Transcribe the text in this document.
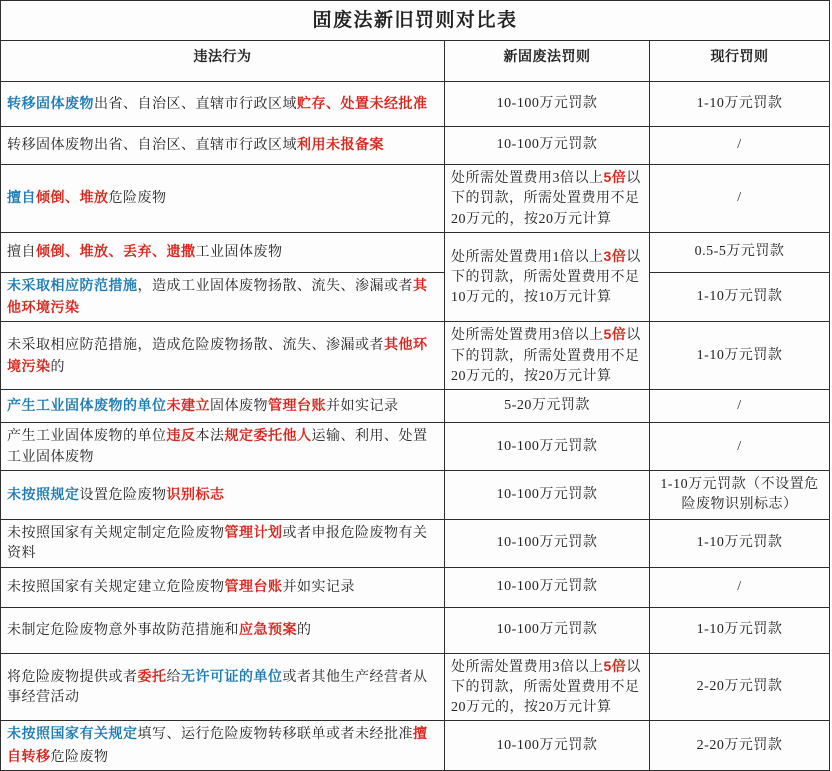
固废法新旧罚则对比表		
违法行为	新固废法罚则	现行罚则
转移固体废物出省、自治区、直辖市行政区域贮存、处置未经批准	10-100万元罚款	1-10万元罚款
转移固体废物出省、自治区、直辖市行政区域利用未报备案	10-100万元罚款	/
擅自倾倒、堆放危险废物	处所需处置费用3倍以上5倍以下的罚款，所需处置费用不足20万元的，按20万元计算	/
擅自倾倒、堆放、丢弃、遗撒工业固体废物	处所需处置费用1倍以上3倍以下的罚款，所需处置费用不足10万元的，按10万元计算	0.5-5万元罚款
未采取相应防范措施，造成工业固体废物扬散、流失、渗漏或者其他环境污染		1-10万元罚款
未采取相应防范措施，造成危险废物扬散、流失、渗漏或者其他环境污染的	处所需处置费用3倍以上5倍以下的罚款，所需处置费用不足20万元的，按20万元计算	1-10万元罚款
产生工业固体废物的单位未建立固体废物管理台账并如实记录	5-20万元罚款	/
产生工业固体废物的单位违反本法规定委托他人运输、利用、处置工业固体废物	10-100万元罚款	/
未按照规定设置危险废物识别标志	10-100万元罚款	1-10万元罚款（不设置危险废物识别标志）
未按照国家有关规定制定危险废物管理计划或者申报危险废物有关资料	10-100万元罚款	1-10万元罚款
未按照国家有关规定建立危险废物管理台账并如实记录	10-100万元罚款	/
未制定危险废物意外事故防范措施和应急预案的	10-100万元罚款	1-10万元罚款
将危险废物提供或者委托给无许可证的单位或者其他生产经营者从事经营活动	处所需处置费用3倍以上5倍以下的罚款，所需处置费用不足20万元的，按20万元计算	2-20万元罚款
未按照国家有关规定填写、运行危险废物转移联单或者未经批准擅自转移危险废物	10-100万元罚款	2-20万元罚款
